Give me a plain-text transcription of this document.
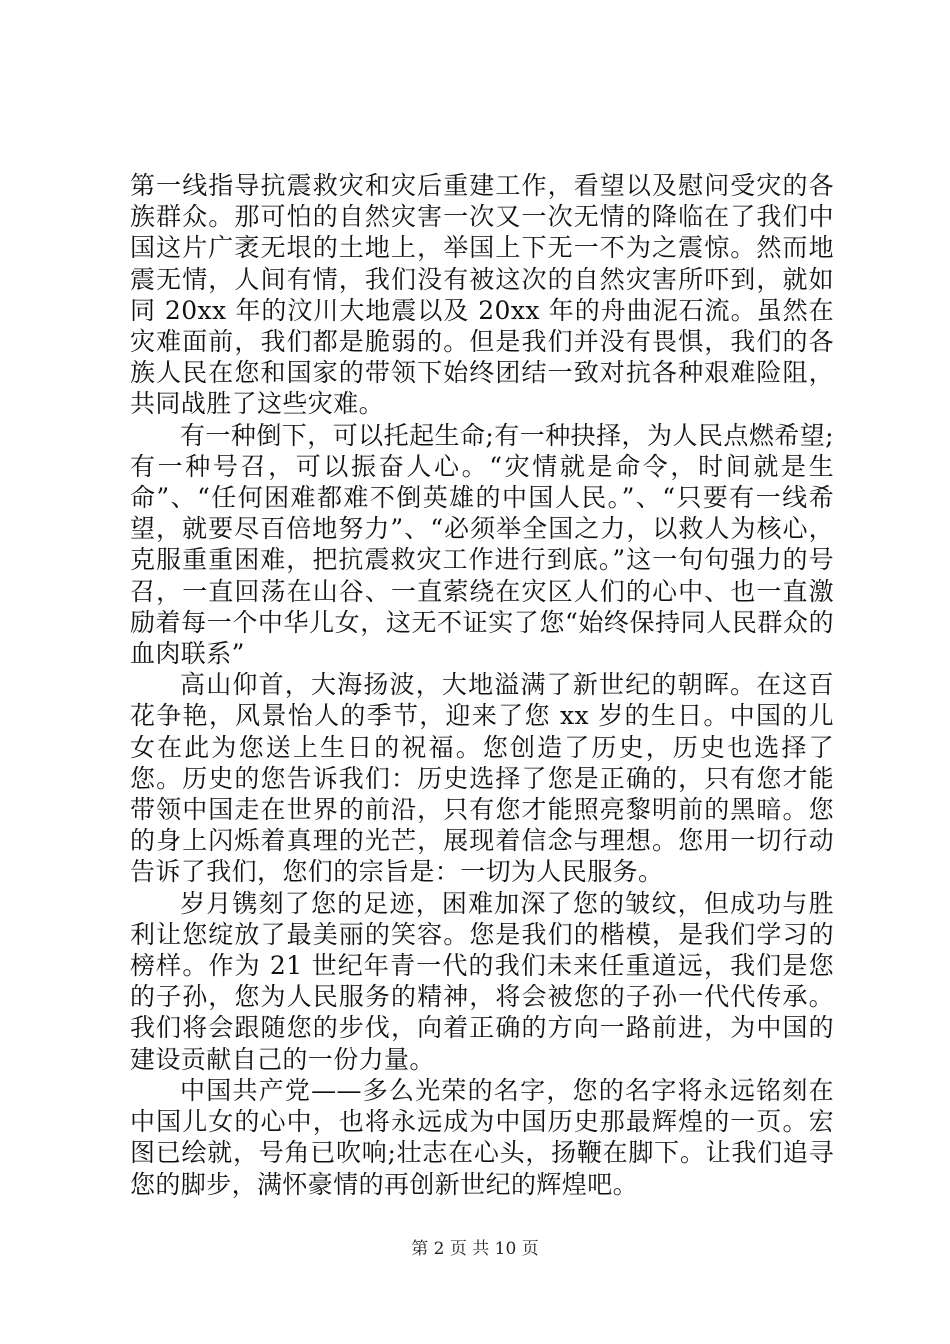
第一线指导抗震救灾和灾后重建工作，看望以及慰问受灾的各族群众。那可怕的自然灾害一次又一次无情的降临在了我们中国这片广袤无垠的土地上，举国上下无一不为之震惊。然而地震无情，人间有情，我们没有被这次的自然灾害所吓到，就如同 20xx 年的汶川大地震以及 20xx 年的舟曲泥石流。虽然在灾难面前，我们都是脆弱的。但是我们并没有畏惧，我们的各族人民在您和国家的带领下始终团结一致对抗各种艰难险阻，共同战胜了这些灾难。

有一种倒下，可以托起生命;有一种抉择，为人民点燃希望;有一种号召，可以振奋人心。“灾情就是命令，时间就是生命”、“任何困难都难不倒英雄的中国人民。”、“只要有一线希望，就要尽百倍地努力”、“必须举全国之力，以救人为核心，克服重重困难，把抗震救灾工作进行到底。”这一句句强力的号召，一直回荡在山谷、一直萦绕在灾区人们的心中、也一直激励着每一个中华儿女，这无不证实了您“始终保持同人民群众的血肉联系”

高山仰首，大海扬波，大地溢满了新世纪的朝晖。在这百花争艳，风景怡人的季节，迎来了您 xx 岁的生日。中国的儿女在此为您送上生日的祝福。您创造了历史，历史也选择了您。历史的您告诉我们：历史选择了您是正确的，只有您才能带领中国走在世界的前沿，只有您才能照亮黎明前的黑暗。您的身上闪烁着真理的光芒，展现着信念与理想。您用一切行动告诉了我们，您们的宗旨是：一切为人民服务。

岁月镌刻了您的足迹，困难加深了您的皱纹，但成功与胜利让您绽放了最美丽的笑容。您是我们的楷模，是我们学习的榜样。作为 21 世纪年青一代的我们未来任重道远，我们是您的子孙，您为人民服务的精神，将会被您的子孙一代代传承。我们将会跟随您的步伐，向着正确的方向一路前进，为中国的建设贡献自己的一份力量。

中国共产党——多么光荣的名字，您的名字将永远铭刻在中国儿女的心中，也将永远成为中国历史那最辉煌的一页。宏图已绘就，号角已吹响;壮志在心头，扬鞭在脚下。让我们追寻您的脚步，满怀豪情的再创新世纪的辉煌吧。

第 2 页 共 10 页
